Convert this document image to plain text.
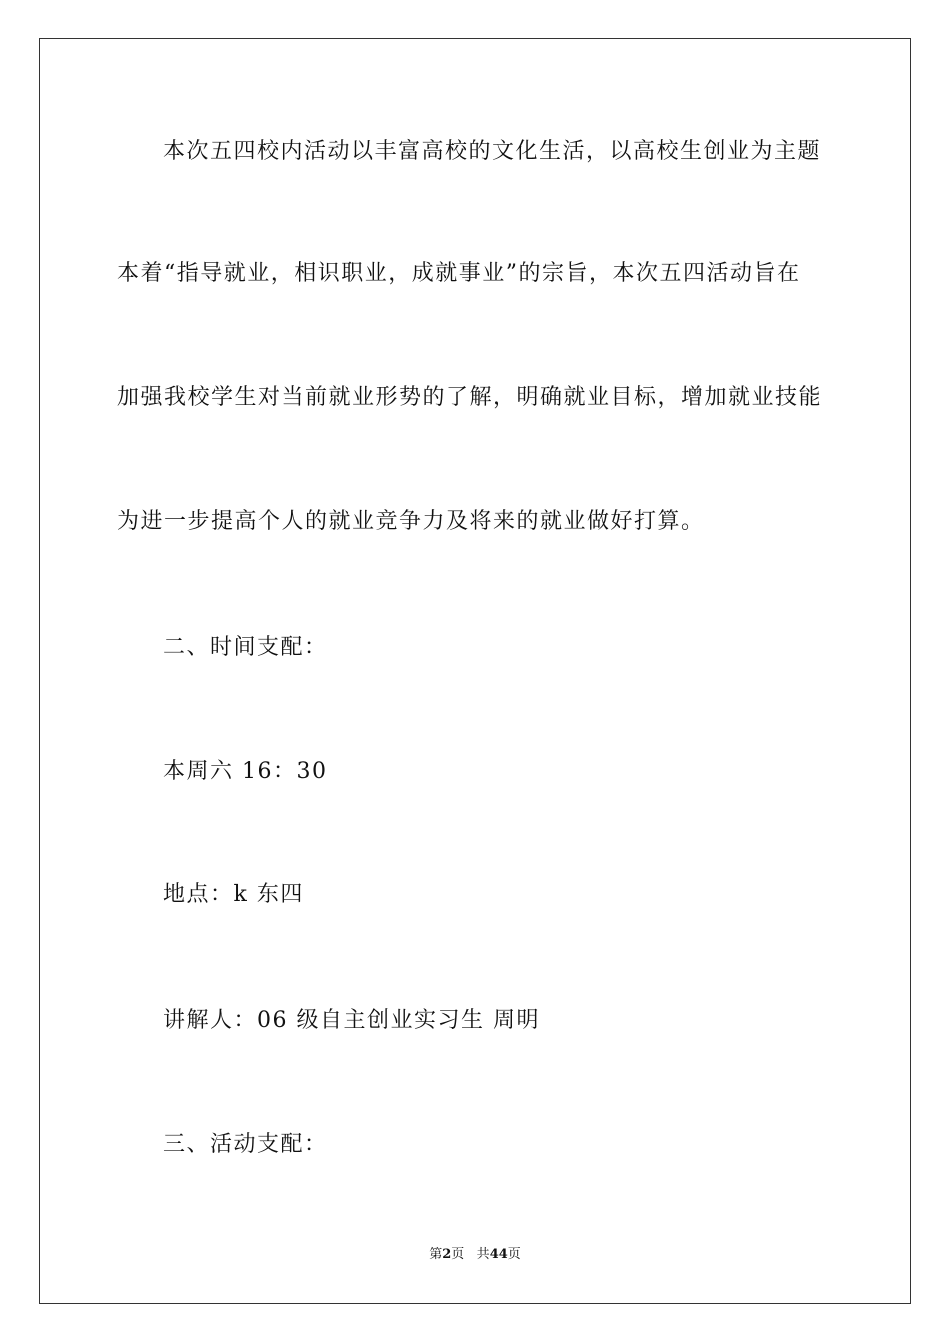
本次五四校内活动以丰富高校的文化生活，以高校生创业为主题
本着“指导就业，相识职业，成就事业”的宗旨，本次五四活动旨在
加强我校学生对当前就业形势的了解，明确就业目标，增加就业技能
为进一步提高个人的就业竞争力及将来的就业做好打算。
二、时间支配：
本周六 16：30
地点：k 东四
讲解人：06 级自主创业实习生 周明
三、活动支配：
第2页 共44页
